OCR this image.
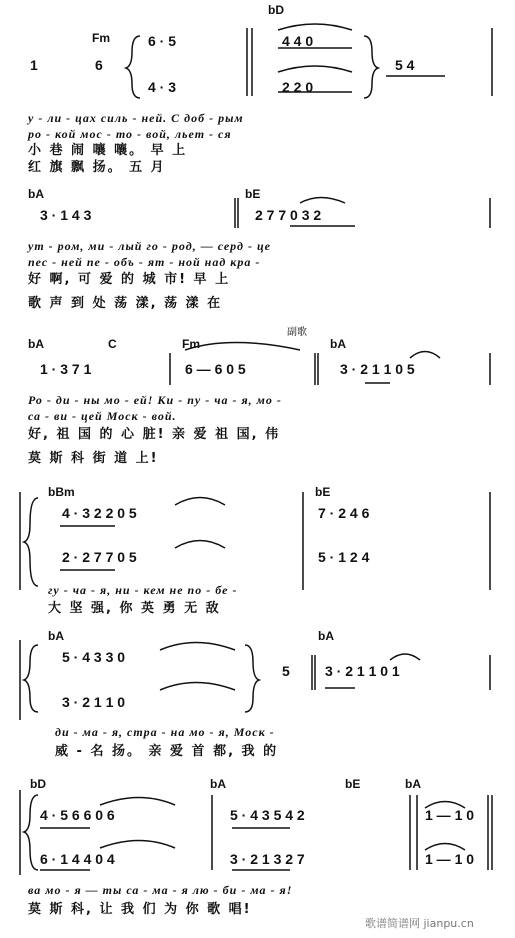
Fm
bD
1	6
6 · 5	4 4 0
4 · 3	2 2 0
5 4
у - ли - цах силь - ней. С доб - рым
ро - кой мос - то - вой, льет - ся
小 巷 闹 嚷 嚷。 早 上
红 旗 飘 扬。 五 月
bA	bE
3 · 1 4 3	2 7 7 0 3 2
ут - ром, ми - лый го - род, — серд - це
пес - ней пе - объ - ят - ной над кра -
好 啊, 可 爱 的 城 市! 早 上
歌 声 到 处 荡 漾, 荡 漾 在
bA	C	Fm	bA
副歌
1 · 3 7 1	6 — 6 0 5	3 · 2 1 1 0 5
Ро - ди - ны мо - ей! Ки - пу - ча - я, мо -
са - ви - цей Моск - вой.
好, 祖 国 的 心 脏! 亲 爱 祖 国, 伟
莫 斯 科 街 道 上!
bBm	bE
4 · 3 2 2 0 5	7 · 2 4 6
2 · 2 7 7 0 5	5 · 1 2 4
гу - ча - я, ни - кем не по - бе -
大 坚 强, 你 英 勇 无 敌
bA	bA
5 · 4 3 3 0
3 · 2 1 1 0
5	3 · 2 1 1 0 1
ди - ма - я, стра - на мо - я, Моск -
威 - 名 扬。 亲 爱 首 都, 我 的
bD	bA	bE	bA
4 · 5 6 6 0 6	5 · 4 3 5 4 2	1 — 1 0
6 · 1 4 4 0 4	3 · 2 1 3 2 7	1 — 1 0
ва мо - я — ты са - ма - я лю - би - ма - я!
莫 斯 科, 让 我 们 为 你 歌 唱!
歌谱简谱网 jianpu.cn
